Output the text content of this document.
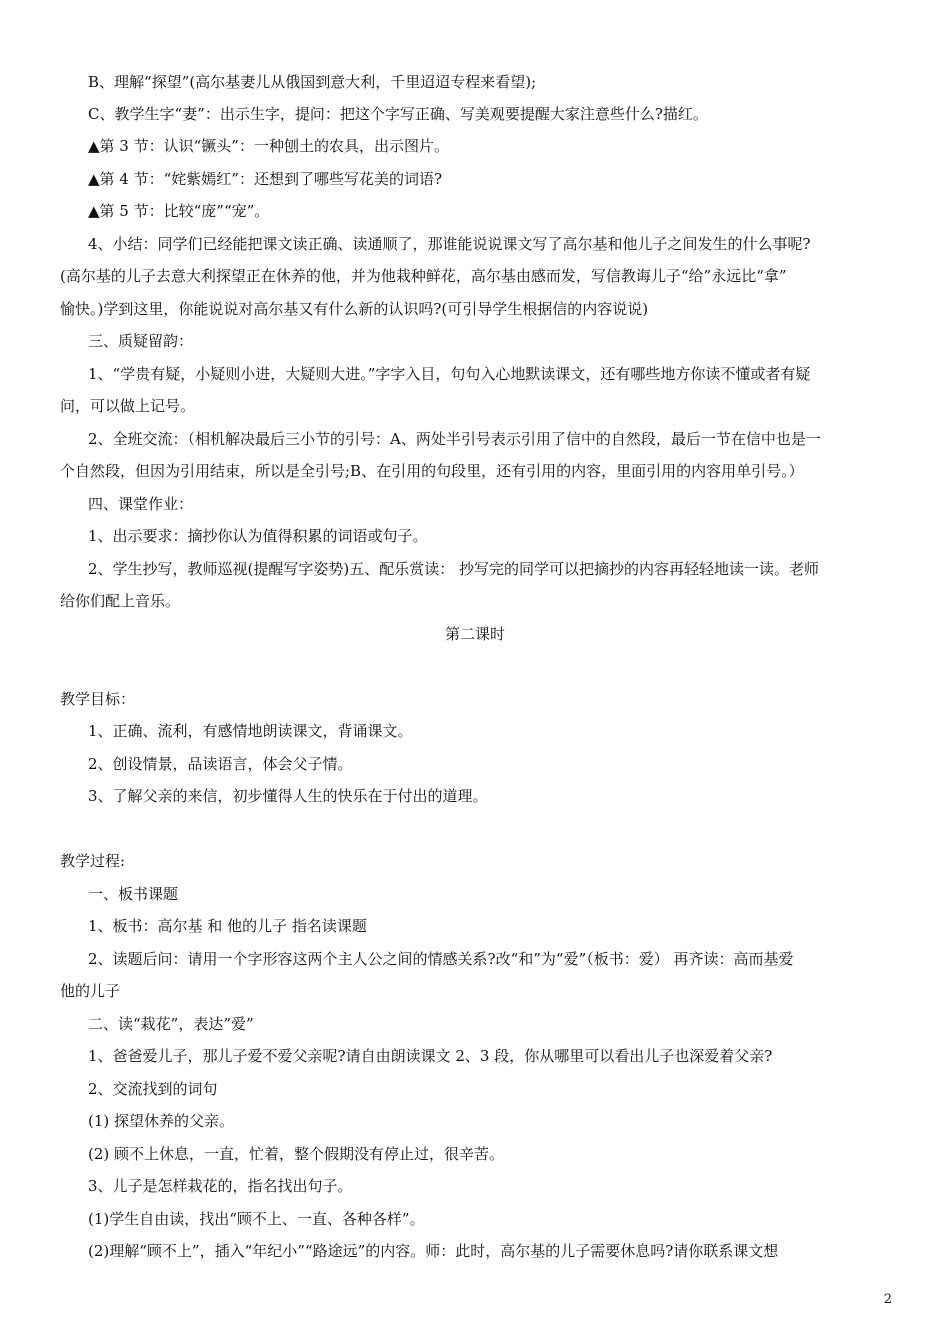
B、理解“探望”(高尔基妻儿从俄国到意大利，千里迢迢专程来看望);
C、教学生字“妻”：出示生字，提问：把这个字写正确、写美观要提醒大家注意些什么?描红。
▲第 3 节：认识“镢头”：一种刨土的农具，出示图片。
▲第 4 节：“姹紫嫣红”：还想到了哪些写花美的词语?
▲第 5 节：比较“庞”“宠”。
4、小结：同学们已经能把课文读正确、读通顺了，那谁能说说课文写了高尔基和他儿子之间发生的什么事呢?
(高尔基的儿子去意大利探望正在休养的他，并为他栽种鲜花，高尔基由感而发，写信教诲儿子“给”永远比“拿”
愉快。)学到这里，你能说说对高尔基又有什么新的认识吗?(可引导学生根据信的内容说说)
三、质疑留韵：
1、“学贵有疑，小疑则小进，大疑则大进。”字字入目，句句入心地默读课文，还有哪些地方你读不懂或者有疑
问，可以做上记号。
2、全班交流：（相机解决最后三小节的引号：A、两处半引号表示引用了信中的自然段，最后一节在信中也是一
个自然段，但因为引用结束，所以是全引号;B、在引用的句段里，还有引用的内容，里面引用的内容用单引号。）
四、课堂作业：
1、出示要求：摘抄你认为值得积累的词语或句子。
2、学生抄写，教师巡视(提醒写字姿势)五、配乐赏读： 抄写完的同学可以把摘抄的内容再轻轻地读一读。老师
给你们配上音乐。
第二课时
教学目标：
1、正确、流利，有感情地朗读课文，背诵课文。
2、创设情景，品读语言，体会父子情。
3、了解父亲的来信，初步懂得人生的快乐在于付出的道理。
教学过程:
一、板书课题
1、板书：高尔基 和 他的儿子 指名读课题
2、读题后问：请用一个字形容这两个主人公之间的情感关系?改“和”为“爱”（板书：爱） 再齐读：高而基爱
他的儿子
二、读“栽花”，表达”爱”
1、爸爸爱儿子，那儿子爱不爱父亲呢?请自由朗读课文 2、3 段，你从哪里可以看出儿子也深爱着父亲?
2、交流找到的词句
(1) 探望休养的父亲。
(2) 顾不上休息，一直，忙着，整个假期没有停止过，很辛苦。
3、儿子是怎样栽花的，指名找出句子。
(1)学生自由读，找出“顾不上、一直、各种各样”。
(2)理解“顾不上”，插入“年纪小”“路途远”的内容。师：此时，高尔基的儿子需要休息吗?请你联系课文想
2
